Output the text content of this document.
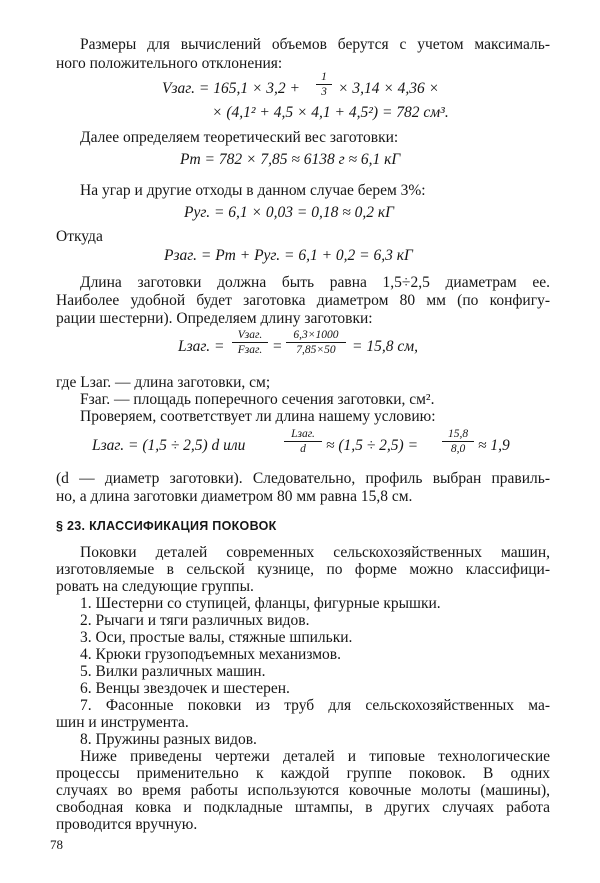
Размеры для вычислений объемов берутся с учетом максималь-
ного положительного отклонения:
Vзаг. = $165,1 \times 3,2 + \frac{1}{3} \times 3,14 \times 4,36$ ×
× (4,1² + 4,5 × 4,1 + 4,5²) = 782 см³.
Далее определяем теоретический вес заготовки:
Pт = 782 × 7,85 ≈ 6138 г ≈ 6,1 кГ
На угар и другие отходы в данном случае берем 3%:
Pуг. = 6,1 × 0,03 = 0,18 ≈ 0,2 кГ
Откуда
Pзаг. = Pт + Pуг. = 6,1 + 0,2 = 6,3 кГ
Длина заготовки должна быть равна 1,5÷2,5 диаметрам ее.
Наиболее удобной будет заготовка диаметром 80 мм (по конфигу-
рации шестерни). Определяем длину заготовки:
Lзаг. =
Vзаг.
Fзаг. = $\frac{6,3\times 1000}{7,85\times 50} = 15,8$ см,
где Lзаг. — длина заготовки, см;
Fзаг. — площадь поперечного сечения заготовки, см².
Проверяем, соответствует ли длина нашему условию:
Lзаг. = (1,5 ÷ 2,5) d или
Lзаг.
d	≈ $(1,5 \div 2,5) = \frac{15,8}{8,0} \approx 1,9$
(d — диаметр заготовки). Следовательно, профиль выбран правиль-
но, а длина заготовки диаметром 80 мм равна 15,8 см.
§ 23. КЛАССИФИКАЦИЯ ПОКОВОК
Поковки деталей современных сельскохозяйственных машин,
изготовляемые в сельской кузнице, по форме можно классифици-
ровать на следующие группы.
1. Шестерни со ступицей, фланцы, фигурные крышки.
2. Рычаги и тяги различных видов.
3. Оси, простые валы, стяжные шпильки.
4. Крюки грузоподъемных механизмов.
5. Вилки различных машин.
6. Венцы звездочек и шестерен.
7. Фасонные поковки из труб для сельскохозяйственных ма-
шин и инструмента.
8. Пружины разных видов.
Ниже приведены чертежи деталей и типовые технологические
процессы применительно к каждой группе поковок. В одних
случаях во время работы используются ковочные молоты (машины),
свободная ковка и подкладные штампы, в других случаях работа
проводится вручную.
78
